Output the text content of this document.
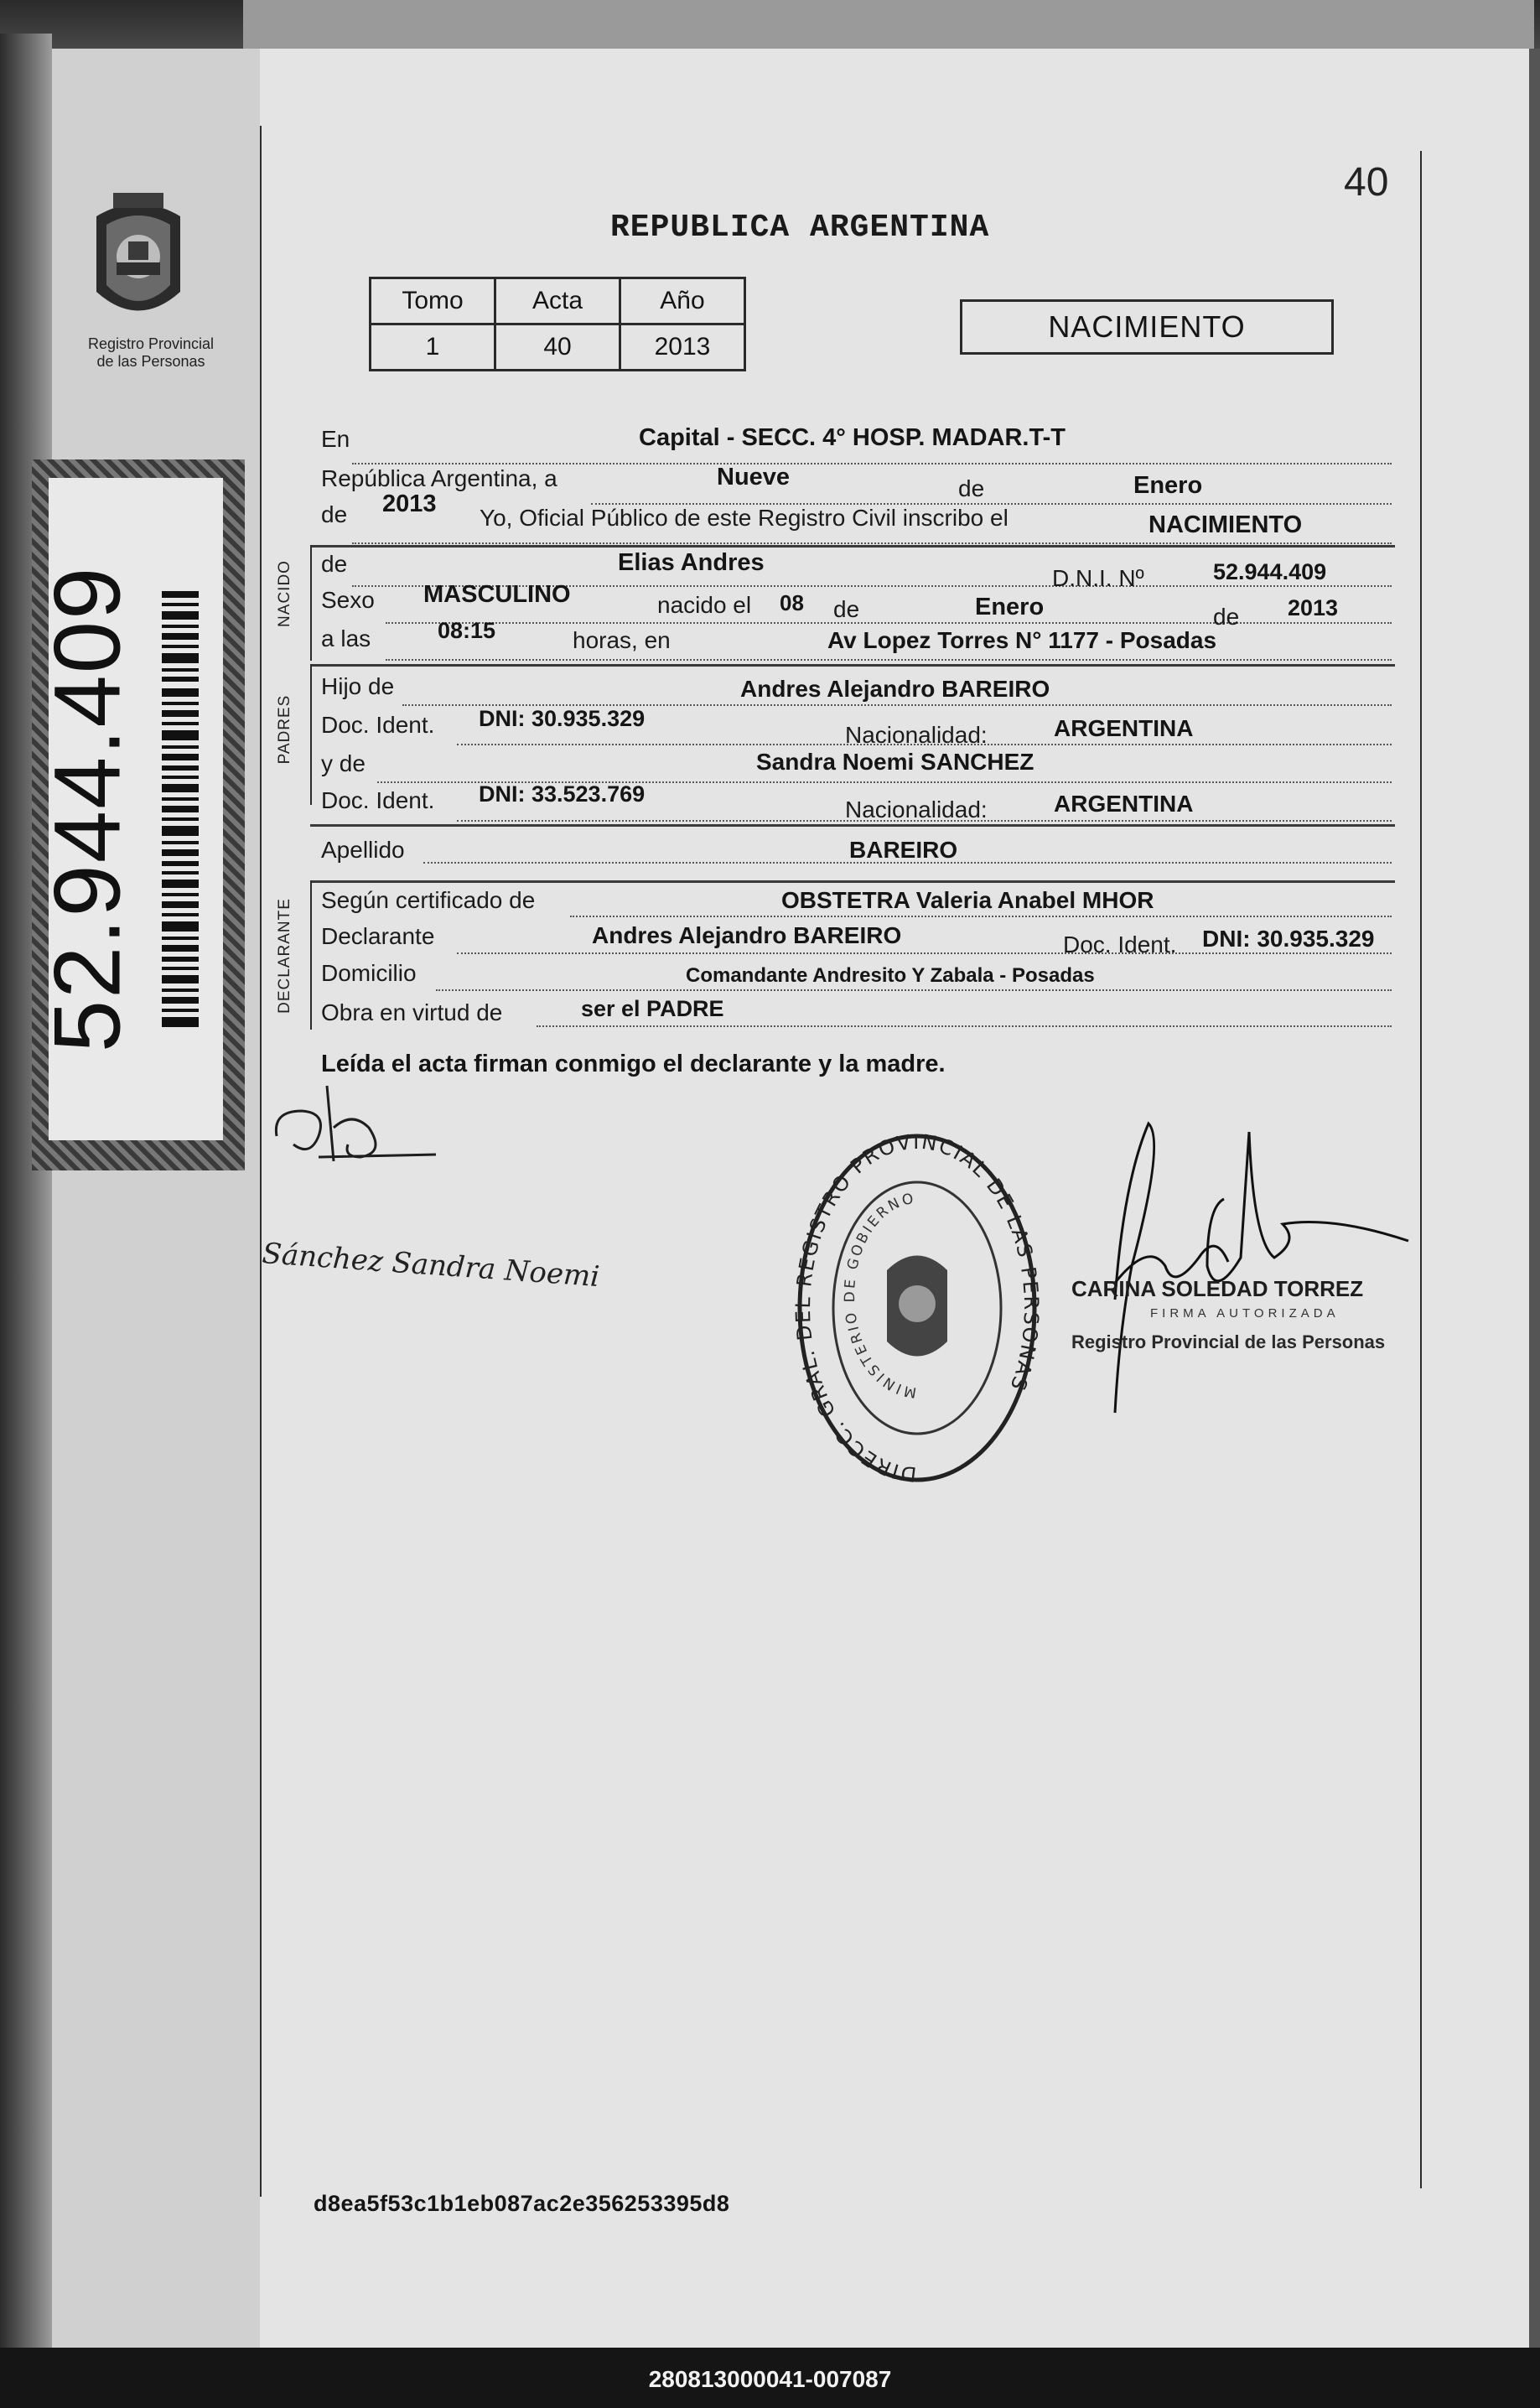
Registro Provincial de las Personas
52.944.409
40
REPUBLICA ARGENTINA
Tomo	Acta	Año
1	40	2013
NACIMIENTO
En	Capital - SECC. 4° HOSP. MADAR.T-T
República Argentina, a	Nueve	de	Enero
de 2013
Yo, Oficial Público de este Registro Civil inscribo el	NACIMIENTO
NACIDO de	Elias Andres
D.N.I. Nº	52.944.409
Sexo MASCULINO	nacido el 08 de	Enero	de 2013
a las	08:15	horas, en	Av Lopez Torres N° 1177 - Posadas
PADRES
Hijo de	Andres Alejandro BAREIRO
Doc. Ident. DNI: 30.935.329
Nacionalidad:	ARGENTINA
y de	Sandra Noemi SANCHEZ
Doc. Ident. DNI: 33.523.769
Nacionalidad:	ARGENTINA
Apellido	BAREIRO
DECLARANTE Según certificado de	OBSTETRA Valeria Anabel MHOR
Declarante	Andres Alejandro BAREIRO	Doc. Ident. DNI: 30.935.329
Domicilio	Comandante Andresito Y Zabala - Posadas
Obra en virtud de	ser el PADRE
Leída el acta firman conmigo el declarante y la madre.
Sánchez Sandra Noemi
DIRECC. GRAL. REGISTRO PROVINCIAL DE LAS P NAS
MINISTERIO DE GOBIERNO
CARINA SOLEDAD TORREZ
FIRMA AUTORIZADA
Registro Provincial de las Personas
d8ea5f53c1b1eb087ac2e356253395d8
280813000041-007087
